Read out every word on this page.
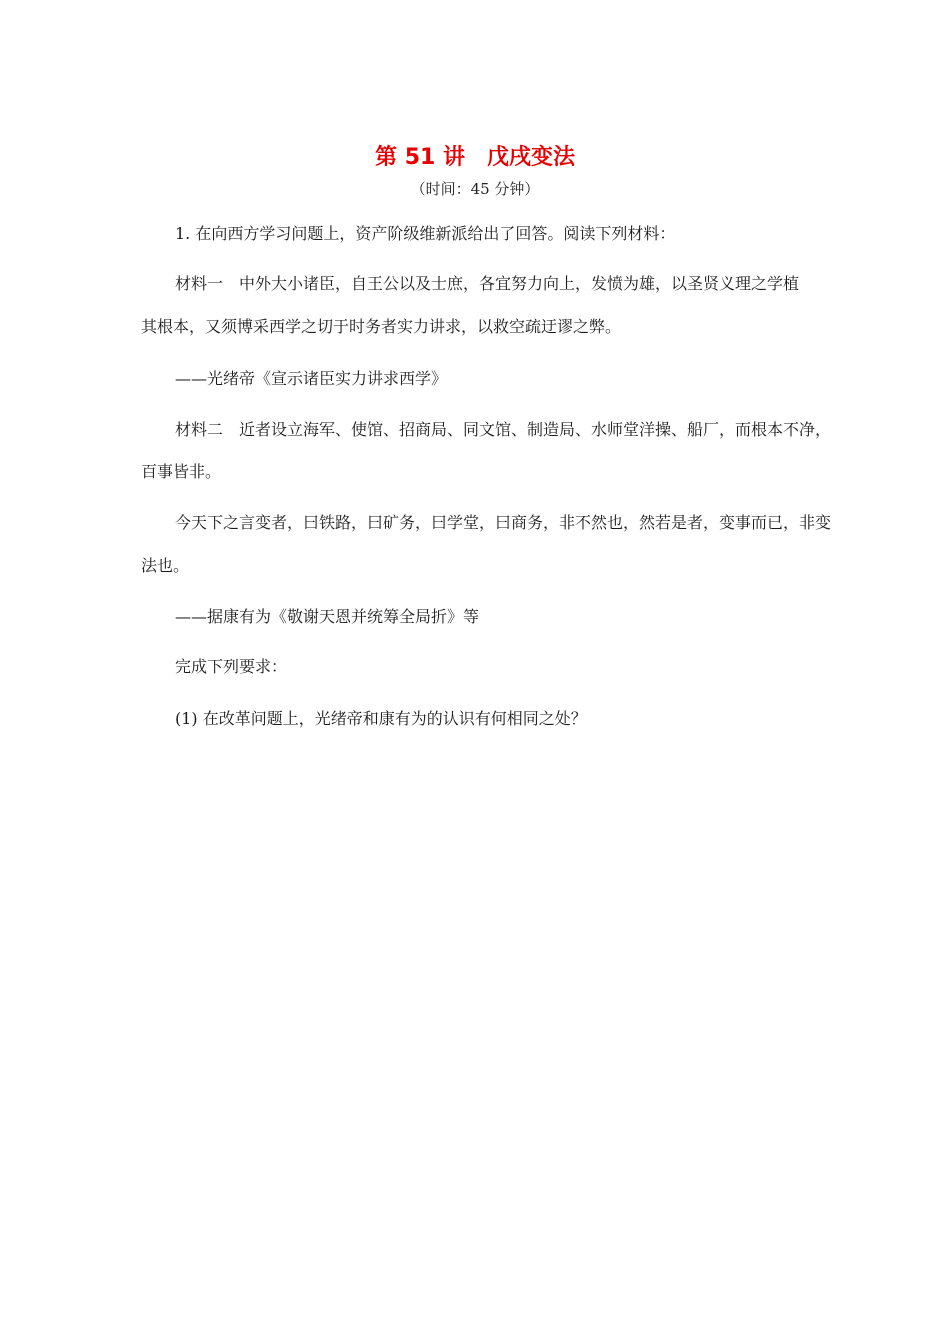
第 51 讲　戊戌变法
（时间：45 分钟）
1. 在向西方学习问题上，资产阶级维新派给出了回答。阅读下列材料：
材料一　中外大小诸臣，自王公以及士庶，各宜努力向上，发愤为雄，以圣贤义理之学植
其根本，又须博采西学之切于时务者实力讲求，以救空疏迂谬之弊。
——光绪帝《宣示诸臣实力讲求西学》
材料二　近者设立海军、使馆、招商局、同文馆、制造局、水师堂洋操、船厂，而根本不净，
百事皆非。
今天下之言变者，曰铁路，曰矿务，曰学堂，曰商务，非不然也，然若是者，变事而已，非变
法也。
——据康有为《敬谢天恩并统筹全局折》等
完成下列要求：
(1) 在改革问题上，光绪帝和康有为的认识有何相同之处？
